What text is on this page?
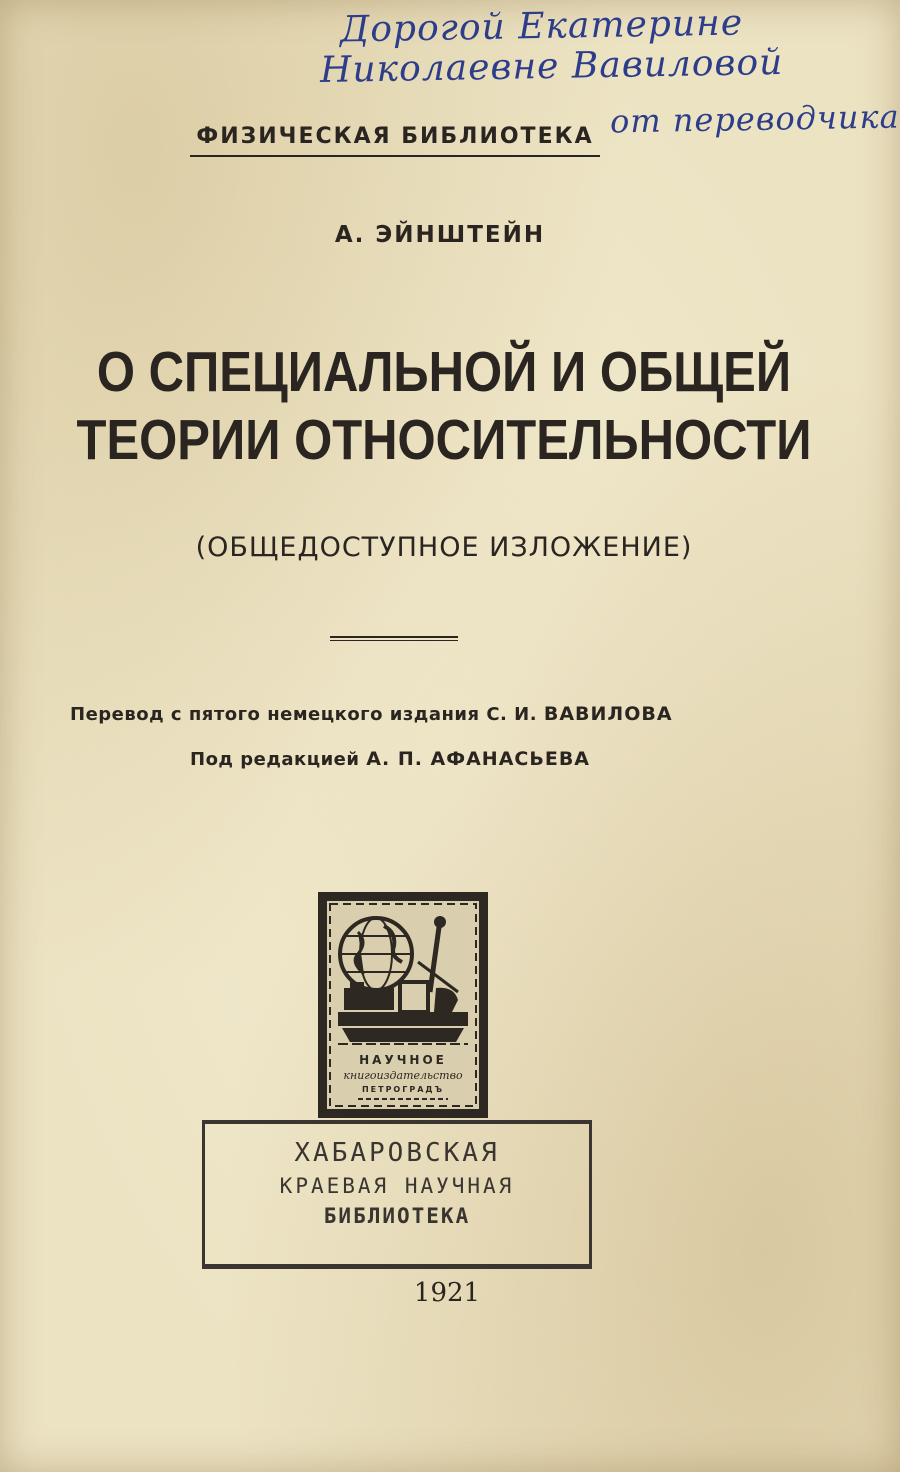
Дорогой Екатерине
Николаевне Вавиловой
от переводчика
ФИЗИЧЕСКАЯ БИБЛИОТЕКА
А. ЭЙНШТЕЙН
О СПЕЦИАЛЬНОЙ И ОБЩЕЙ
ТЕОРИИ ОТНОСИТЕЛЬНОСТИ
(ОБЩЕДОСТУПНОЕ ИЗЛОЖЕНИЕ)
Перевод с пятого немецкого издания С. И. ВАВИЛОВА
Под редакцией А. П. АФАНАСЬЕВА
НАУЧНОЕ
книгоиздательство
ПЕТРОГРАДЪ
ХАБАРОВСКАЯ
КРАЕВАЯ НАУЧНАЯ
БИБЛИОТЕКА
1921
